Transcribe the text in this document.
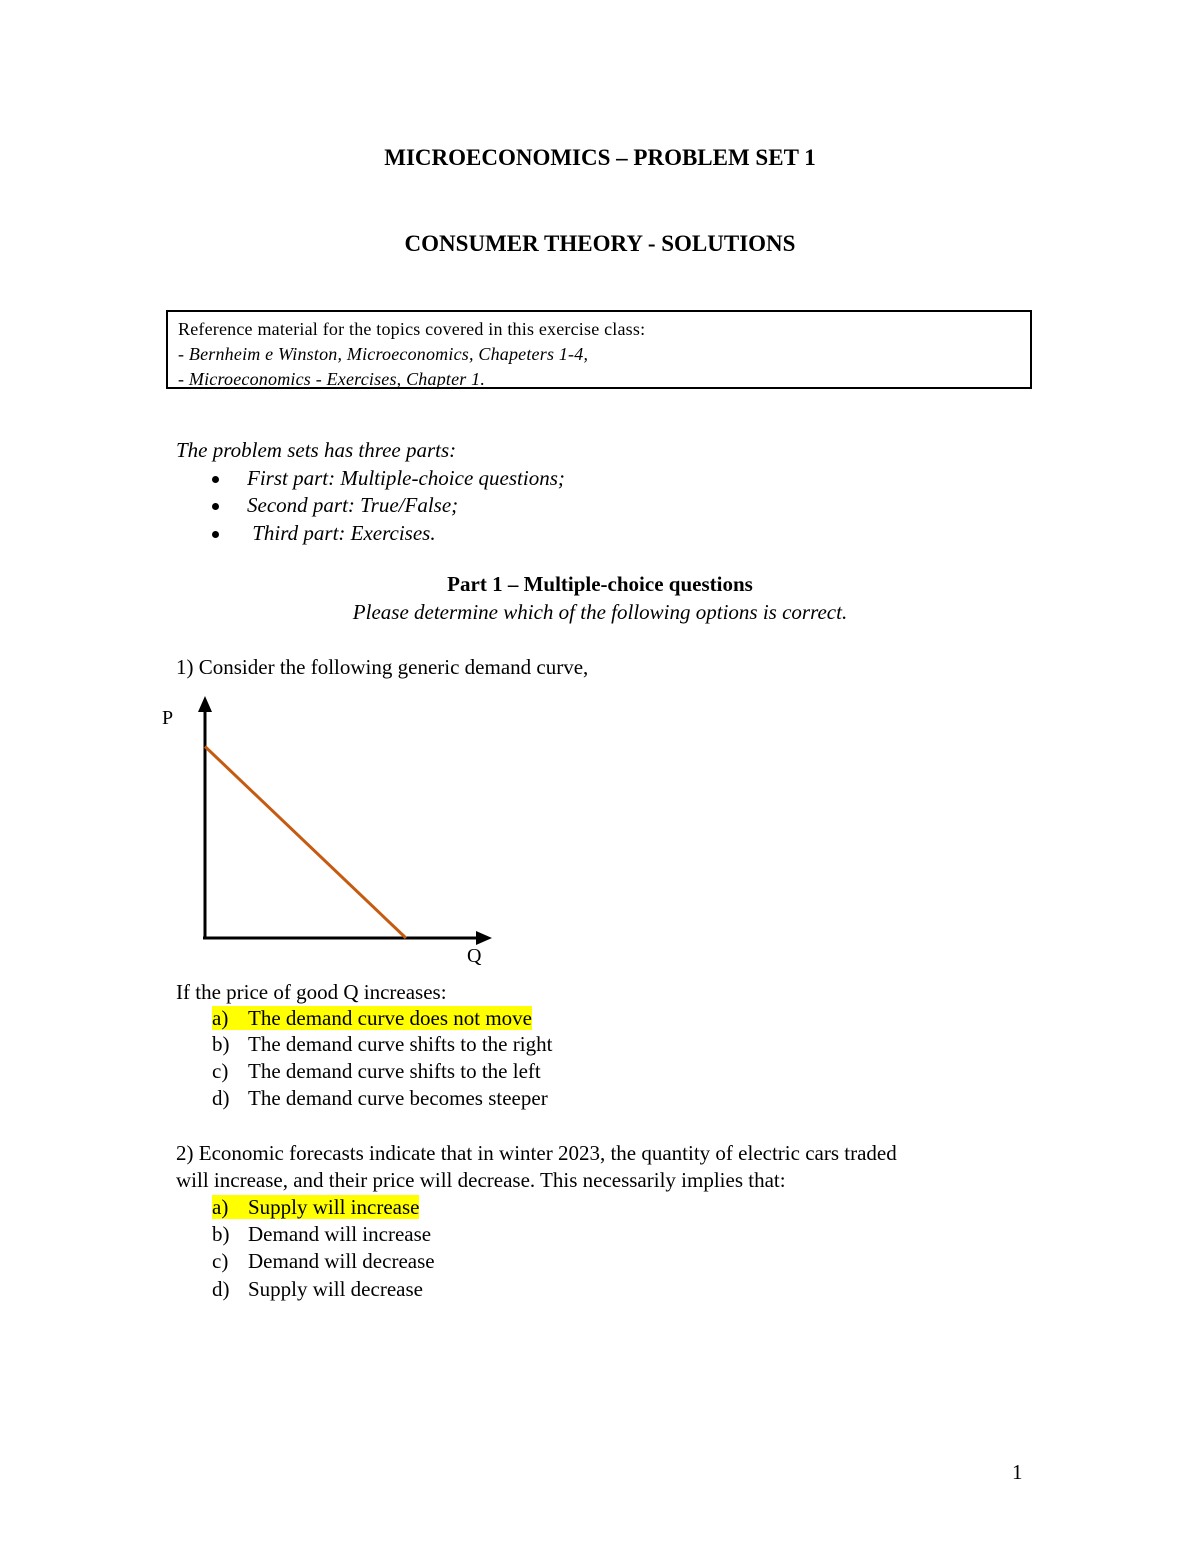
MICROECONOMICS – PROBLEM SET 1
CONSUMER THEORY - SOLUTIONS
Reference material for the topics covered in this exercise class:
- Bernheim e Winston, Microeconomics, Chapeters 1-4,
- Microeconomics - Exercises, Chapter 1.
The problem sets has three parts:
First part: Multiple-choice questions;
Second part: True/False;
Third part: Exercises.
Part 1 – Multiple-choice questions
Please determine which of the following options is correct.
1) Consider the following generic demand curve,
P
Q
If the price of good Q increases:
a) The demand curve does not move
b) The demand curve shifts to the right
c) The demand curve shifts to the left
d) The demand curve becomes steeper
2) Economic forecasts indicate that in winter 2023, the quantity of electric cars traded
will increase, and their price will decrease. This necessarily implies that:
a) Supply will increase
b) Demand will increase
c) Demand will decrease
d) Supply will decrease
1
